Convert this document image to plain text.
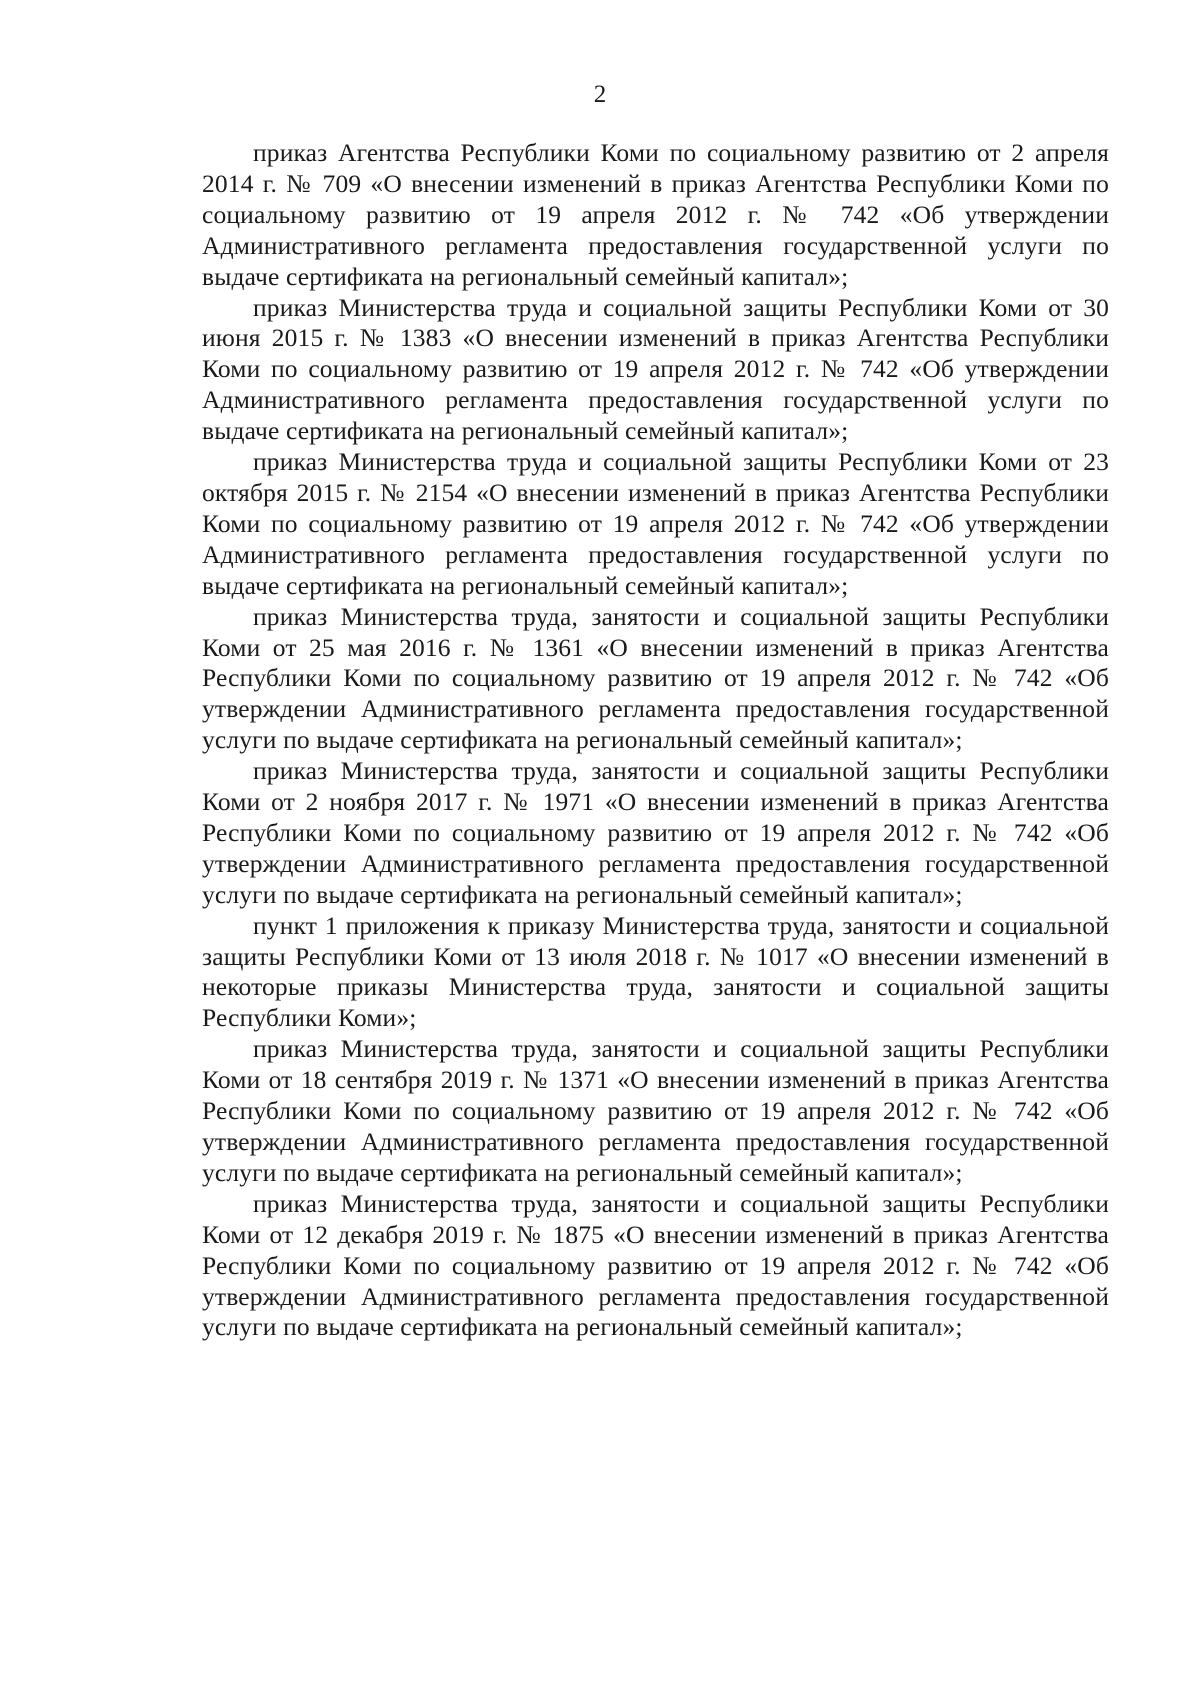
2

приказ Агентства Республики Коми по социальному развитию от 2 апреля 2014 г. № 709 «О внесении изменений в приказ Агентства Республики Коми по социальному развитию от 19 апреля 2012 г. № 742 «Об утверждении Административного регламента предоставления государственной услуги по выдаче сертификата на региональный семейный капитал»;

приказ Министерства труда и социальной защиты Республики Коми от 30 июня 2015 г. № 1383 «О внесении изменений в приказ Агентства Республики Коми по социальному развитию от 19 апреля 2012 г. № 742 «Об утверждении Административного регламента предоставления государственной услуги по выдаче сертификата на региональный семейный капитал»;

приказ Министерства труда и социальной защиты Республики Коми от 23 октября 2015 г. № 2154 «О внесении изменений в приказ Агентства Республики Коми по социальному развитию от 19 апреля 2012 г. № 742 «Об утверждении Административного регламента предоставления государственной услуги по выдаче сертификата на региональный семейный капитал»;

приказ Министерства труда, занятости и социальной защиты Республики Коми от 25 мая 2016 г. № 1361 «О внесении изменений в приказ Агентства Республики Коми по социальному развитию от 19 апреля 2012 г. № 742 «Об утверждении Административного регламента предоставления государственной услуги по выдаче сертификата на региональный семейный капитал»;

приказ Министерства труда, занятости и социальной защиты Республики Коми от 2 ноября 2017 г. № 1971 «О внесении изменений в приказ Агентства Республики Коми по социальному развитию от 19 апреля 2012 г. № 742 «Об утверждении Административного регламента предоставления государственной услуги по выдаче сертификата на региональный семейный капитал»;

пункт 1 приложения к приказу Министерства труда, занятости и социальной защиты Республики Коми от 13 июля 2018 г. № 1017 «О внесении изменений в некоторые приказы Министерства труда, занятости и социальной защиты Республики Коми»;

приказ Министерства труда, занятости и социальной защиты Республики Коми от 18 сентября 2019 г. № 1371 «О внесении изменений в приказ Агентства Республики Коми по социальному развитию от 19 апреля 2012 г. № 742 «Об утверждении Административного регламента предоставления государственной услуги по выдаче сертификата на региональный семейный капитал»;

приказ Министерства труда, занятости и социальной защиты Республики Коми от 12 декабря 2019 г. № 1875 «О внесении изменений в приказ Агентства Республики Коми по социальному развитию от 19 апреля 2012 г. № 742 «Об утверждении Административного регламента предоставления государственной услуги по выдаче сертификата на региональный семейный капитал»;
